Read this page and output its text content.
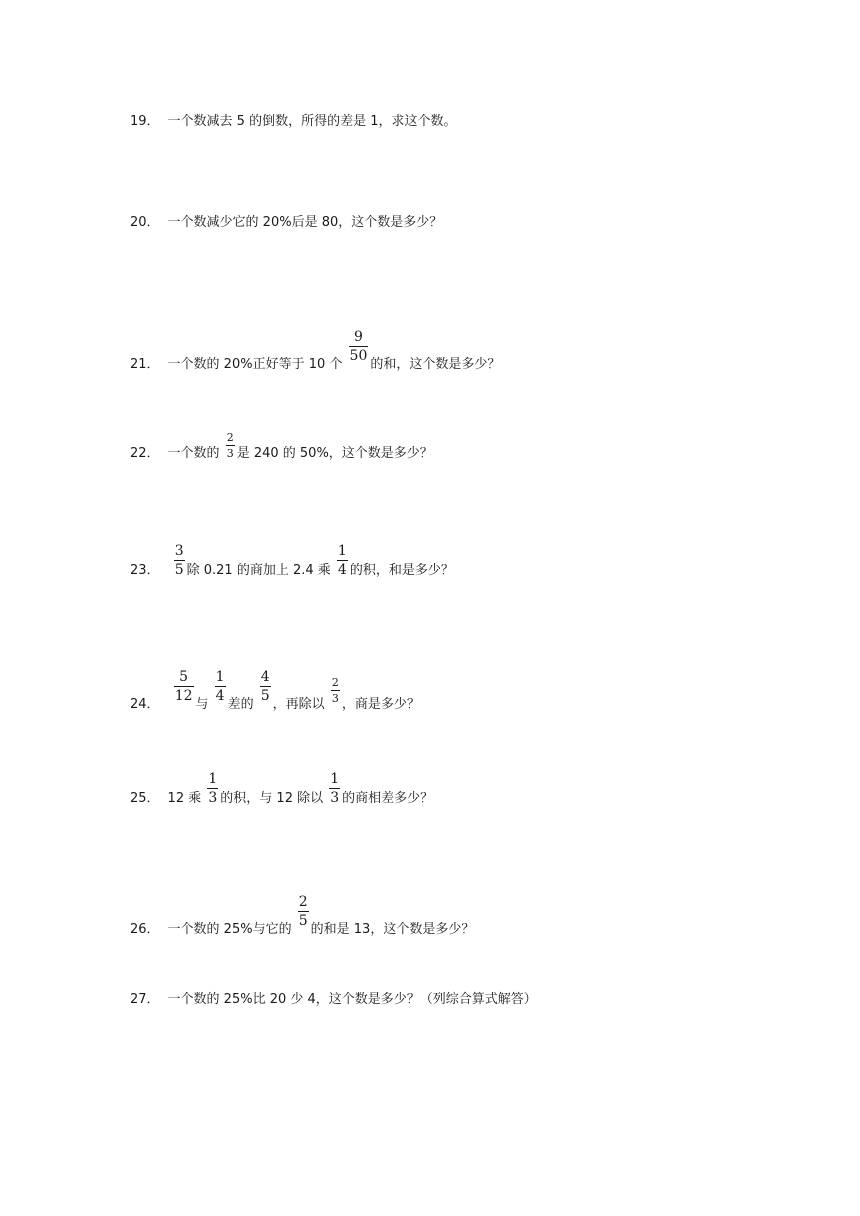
19． 一个数减去 5 的倒数，所得的差是 1，求这个数。
20． 一个数减少它的 20%后是 80，这个数是多少？
21． 一个数的 20%正好等于 10 个
$\frac{9}{50}$
的和，这个数是多少？
22． 一个数的 $\frac{2}{3}$ 是 240 的 50%，这个数是多少？
23． $\frac{3}{5}$ 除 0.21 的商加上 2.4 乘 $\frac{1}{4}$ 的积，和是多少？
24．
$\frac{5}{12}$
与
$\frac{1}{4}$
差的
$\frac{4}{5}$
，再除以
$\frac{2}{3}$
，商是多少？
25． 12 乘 $\frac{1}{3}$ 的积，与 12 除以 $\frac{1}{3}$ 的商相差多少？
26． 一个数的 25%与它的
$\frac{2}{5}$
的和是 13，这个数是多少？
27． 一个数的 25%比 20 少 4，这个数是多少？（列综合算式解答）
